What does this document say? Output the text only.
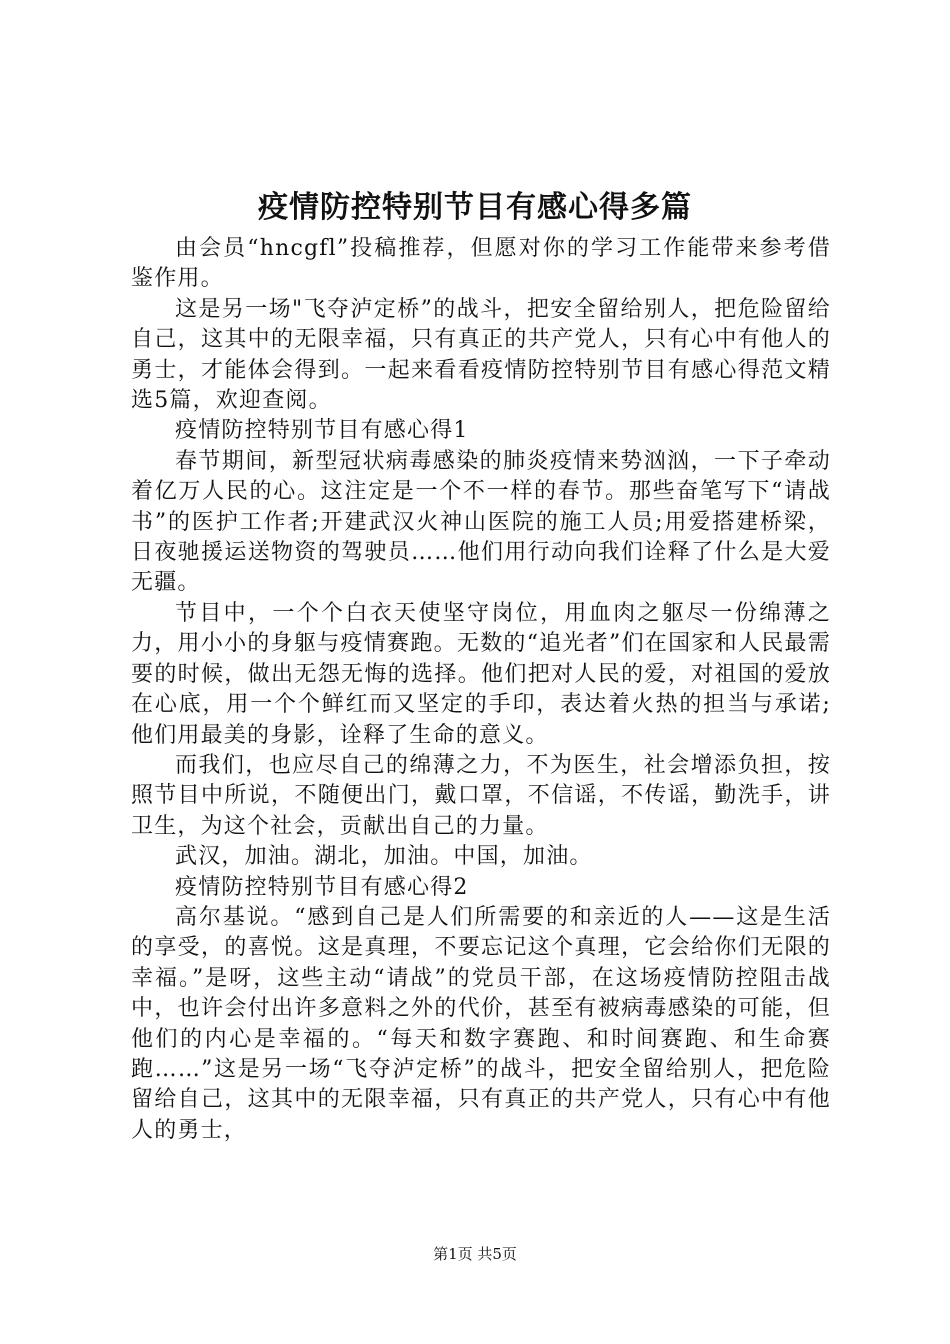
疫情防控特别节目有感心得多篇

由会员“hncgfl”投稿推荐，但愿对你的学习工作能带来参考借鉴作用。

这是另一场"飞夺泸定桥”的战斗，把安全留给别人，把危险留给自己，这其中的无限幸福，只有真正的共产党人，只有心中有他人的勇士，才能体会得到。一起来看看疫情防控特别节目有感心得范文精选5篇，欢迎查阅。

疫情防控特别节目有感心得1

春节期间，新型冠状病毒感染的肺炎疫情来势汹汹，一下子牵动着亿万人民的心。这注定是一个不一样的春节。那些奋笔写下“请战书”的医护工作者;开建武汉火神山医院的施工人员;用爱搭建桥梁，日夜驰援运送物资的驾驶员……他们用行动向我们诠释了什么是大爱无疆。

节目中，一个个白衣天使坚守岗位，用血肉之躯尽一份绵薄之力，用小小的身躯与疫情赛跑。无数的“追光者”们在国家和人民最需要的时候，做出无怨无悔的选择。他们把对人民的爱，对祖国的爱放在心底，用一个个鲜红而又坚定的手印，表达着火热的担当与承诺;他们用最美的身影，诠释了生命的意义。

而我们，也应尽自己的绵薄之力，不为医生，社会增添负担，按照节目中所说，不随便出门，戴口罩，不信谣，不传谣，勤洗手，讲卫生，为这个社会，贡献出自己的力量。

武汉，加油。湖北，加油。中国，加油。

疫情防控特别节目有感心得2

高尔基说。“感到自己是人们所需要的和亲近的人——这是生活的享受，的喜悦。这是真理，不要忘记这个真理，它会给你们无限的幸福。”是呀，这些主动“请战”的党员干部，在这场疫情防控阻击战中，也许会付出许多意料之外的代价，甚至有被病毒感染的可能，但他们的内心是幸福的。“每天和数字赛跑、和时间赛跑、和生命赛跑……”这是另一场“飞夺泸定桥”的战斗，把安全留给别人，把危险留给自己，这其中的无限幸福，只有真正的共产党人，只有心中有他人的勇士，

第1页 共5页
